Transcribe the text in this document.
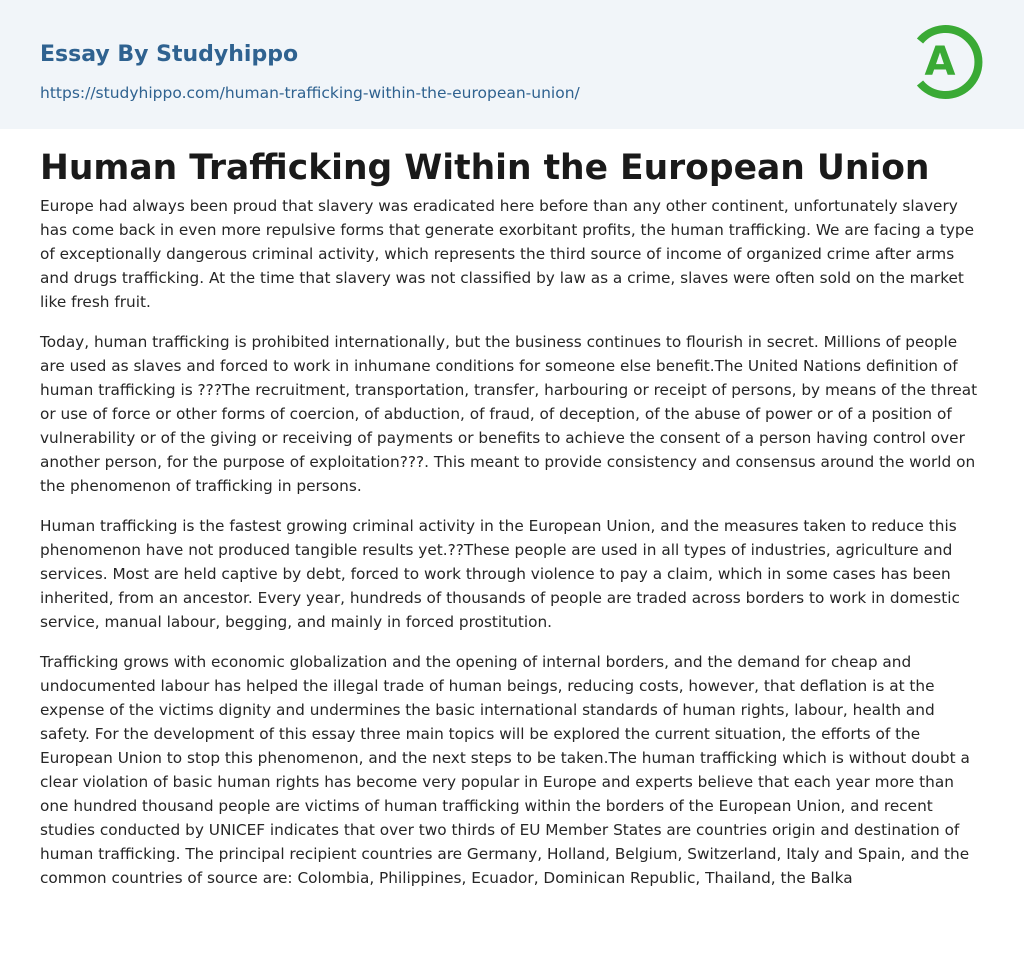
Essay By Studyhippo
https://studyhippo.com/human-trafficking-within-the-european-union/
A
Human Trafficking Within the European Union

Europe had always been proud that slavery was eradicated here before than any other continent, unfortunately slavery has come back in even more repulsive forms that generate exorbitant profits, the human trafficking. We are facing a type of exceptionally dangerous criminal activity, which represents the third source of income of organized crime after arms and drugs trafficking. At the time that slavery was not classified by law as a crime, slaves were often sold on the market like fresh fruit.

Today, human trafficking is prohibited internationally, but the business continues to flourish in secret. Millions of people are used as slaves and forced to work in inhumane conditions for someone else benefit.The United Nations definition of human trafficking is ???The recruitment, transportation, transfer, harbouring or receipt of persons, by means of the threat or use of force or other forms of coercion, of abduction, of fraud, of deception, of the abuse of power or of a position of vulnerability or of the giving or receiving of payments or benefits to achieve the consent of a person having control over another person, for the purpose of exploitation???. This meant to provide consistency and consensus around the world on the phenomenon of trafficking in persons.

Human trafficking is the fastest growing criminal activity in the European Union, and the measures taken to reduce this phenomenon have not produced tangible results yet.??These people are used in all types of industries, agriculture and services. Most are held captive by debt, forced to work through violence to pay a claim, which in some cases has been inherited, from an ancestor. Every year, hundreds of thousands of people are traded across borders to work in domestic service, manual labour, begging, and mainly in forced prostitution.

Trafficking grows with economic globalization and the opening of internal borders, and the demand for cheap and undocumented labour has helped the illegal trade of human beings, reducing costs, however, that deflation is at the expense of the victims dignity and undermines the basic international standards of human rights, labour, health and safety. For the development of this essay three main topics will be explored the current situation, the efforts of the European Union to stop this phenomenon, and the next steps to be taken.The human trafficking which is without doubt a clear violation of basic human rights has become very popular in Europe and experts believe that each year more than one hundred thousand people are victims of human trafficking within the borders of the European Union, and recent studies conducted by UNICEF indicates that over two thirds of EU Member States are countries origin and destination of human trafficking. The principal recipient countries are Germany, Holland, Belgium, Switzerland, Italy and Spain, and the common countries of source are: Colombia, Philippines, Ecuador, Dominican Republic, Thailand, the Balka
